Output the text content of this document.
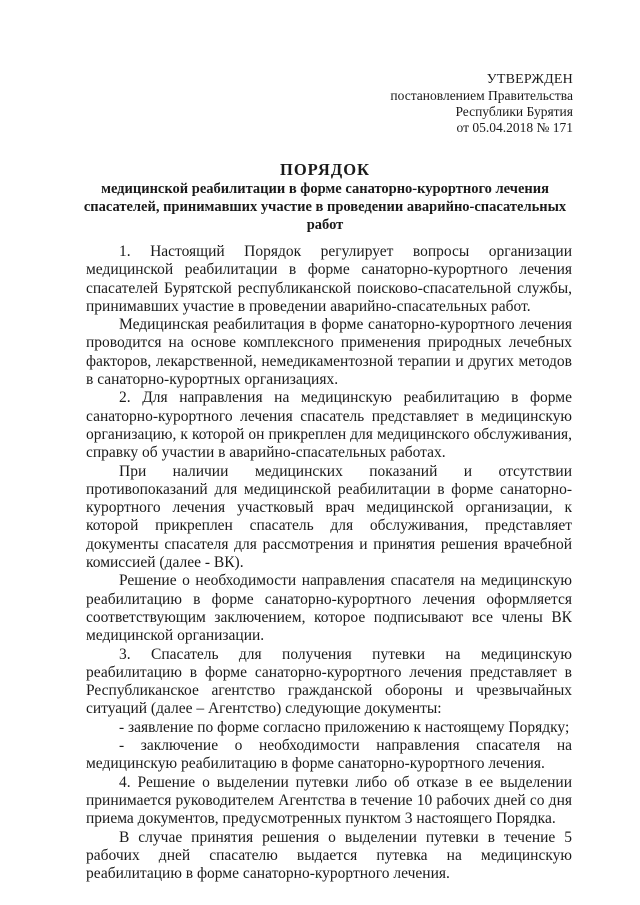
УТВЕРЖДЕН
постановлением Правительства
Республики Бурятия
от 05.04.2018 № 171
ПОРЯДОК
медицинской реабилитации в форме санаторно-курортного лечения спасателей, принимавших участие в проведении аварийно-спасательных работ

1. Настоящий Порядок регулирует вопросы организации медицинской реабилитации в форме санаторно-курортного лечения спасателей Бурятской республиканской поисково-спасательной службы, принимавших участие в проведении аварийно-спасательных работ.

Медицинская реабилитация в форме санаторно-курортного лечения проводится на основе комплексного применения природных лечебных факторов, лекарственной, немедикаментозной терапии и других методов в санаторно-курортных организациях.

2. Для направления на медицинскую реабилитацию в форме санаторно-курортного лечения спасатель представляет в медицинскую организацию, к которой он прикреплен для медицинского обслуживания, справку об участии в аварийно-спасательных работах.

При наличии медицинских показаний и отсутствии противопоказаний для медицинской реабилитации в форме санаторно-курортного лечения участковый врач медицинской организации, к которой прикреплен спасатель для обслуживания, представляет документы спасателя для рассмотрения и принятия решения врачебной комиссией (далее - ВК).

Решение о необходимости направления спасателя на медицинскую реабилитацию в форме санаторно-курортного лечения оформляется соответствующим заключением, которое подписывают все члены ВК медицинской организации.

3. Спасатель для получения путевки на медицинскую реабилитацию в форме санаторно-курортного лечения представляет в Республиканское агентство гражданской обороны и чрезвычайных ситуаций (далее – Агентство) следующие документы:

- заявление по форме согласно приложению к настоящему Порядку;

- заключение о необходимости направления спасателя на медицинскую реабилитацию в форме санаторно-курортного лечения.

4. Решение о выделении путевки либо об отказе в ее выделении принимается руководителем Агентства в течение 10 рабочих дней со дня приема документов, предусмотренных пунктом 3 настоящего Порядка.

В случае принятия решения о выделении путевки в течение 5 рабочих дней спасателю выдается путевка на медицинскую реабилитацию в форме санаторно-курортного лечения.
